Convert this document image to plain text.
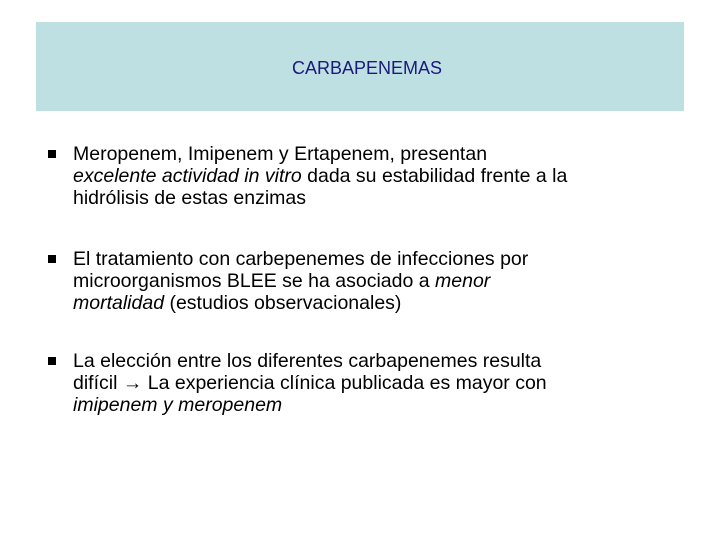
CARBAPENEMAS
Meropenem, Imipenem y Ertapenem, presentan
excelente actividad in vitro dada su estabilidad frente a la
hidrólisis de estas enzimas
El tratamiento con carbepenemes de infecciones por
microorganismos BLEE se ha asociado a menor
mortalidad (estudios observacionales)
La elección entre los diferentes carbapenemes resulta
difícil → La experiencia clínica publicada es mayor con
imipenem y meropenem
